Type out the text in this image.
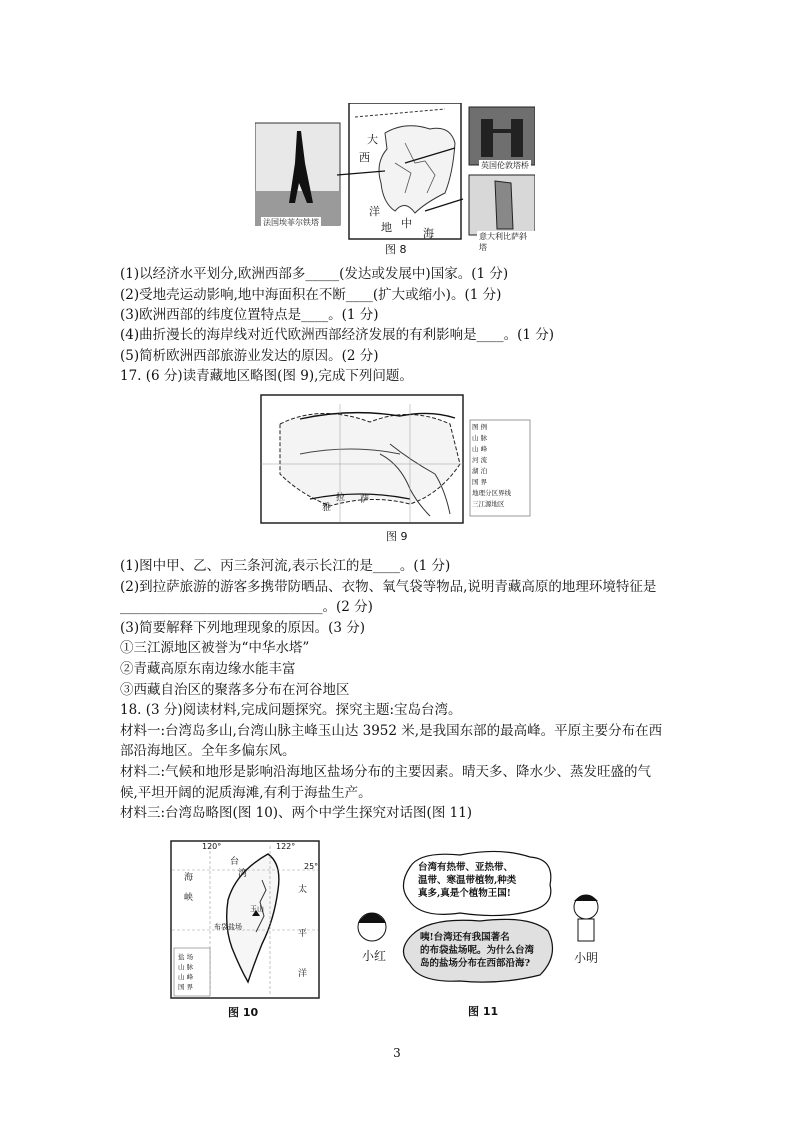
法国埃菲尔铁塔
英国伦敦塔桥
意大利比萨斜塔
大
西
洋
地 中
海
图 8
(1)以经济水平划分,欧洲西部多_____(发达或发展中)国家。(1 分)
(2)受地壳运动影响,地中海面积在不断____(扩大或缩小)。(1 分)
(3)欧洲西部的纬度位置特点是____。(1 分)
(4)曲折漫长的海岸线对近代欧洲西部经济发展的有利影响是____。(1 分)
(5)简析欧洲西部旅游业发达的原因。(2 分)
17. (6 分)读青藏地区略图(图 9),完成下列问题。
拉 萨
雅
图 例
山 脉
山 峰
河 流
湖 泊
国 界
地理分区界线
三江源地区
图 9
(1)图中甲、乙、丙三条河流,表示长江的是____。(1 分)
(2)到拉萨旅游的游客多携带防晒品、衣物、氧气袋等物品,说明青藏高原的地理环境特征是
______________________________。(2 分)
(3)简要解释下列地理现象的原因。(3 分)
①三江源地区被誉为“中华水塔”
②青藏高原东南边缘水能丰富
③西藏自治区的聚落多分布在河谷地区
18. (3 分)阅读材料,完成问题探究。探究主题:宝岛台湾。
材料一:台湾岛多山,台湾山脉主峰玉山达 3952 米,是我国东部的最高峰。平原主要分布在西
部沿海地区。全年多偏东风。
材料二:气候和地形是影响沿海地区盐场分布的主要因素。晴天多、降水少、蒸发旺盛的气
候,平坦开阔的泥质海滩,有利于海盐生产。
材料三:台湾岛略图(图 10)、两个中学生探究对话图(图 11)
120°	122°
25°
台
湾
海
峡
太
平
洋
玉山
布袋盐场
盐 场
山 脉
山 峰
国 界
图 10
台湾有热带、亚热带、
温带、寒温带植物,种类
真多,真是个植物王国!
咦!台湾还有我国著名
的布袋盐场呢。为什么台湾
岛的盐场分布在西部沿海?
小红	小明
图 11
3
